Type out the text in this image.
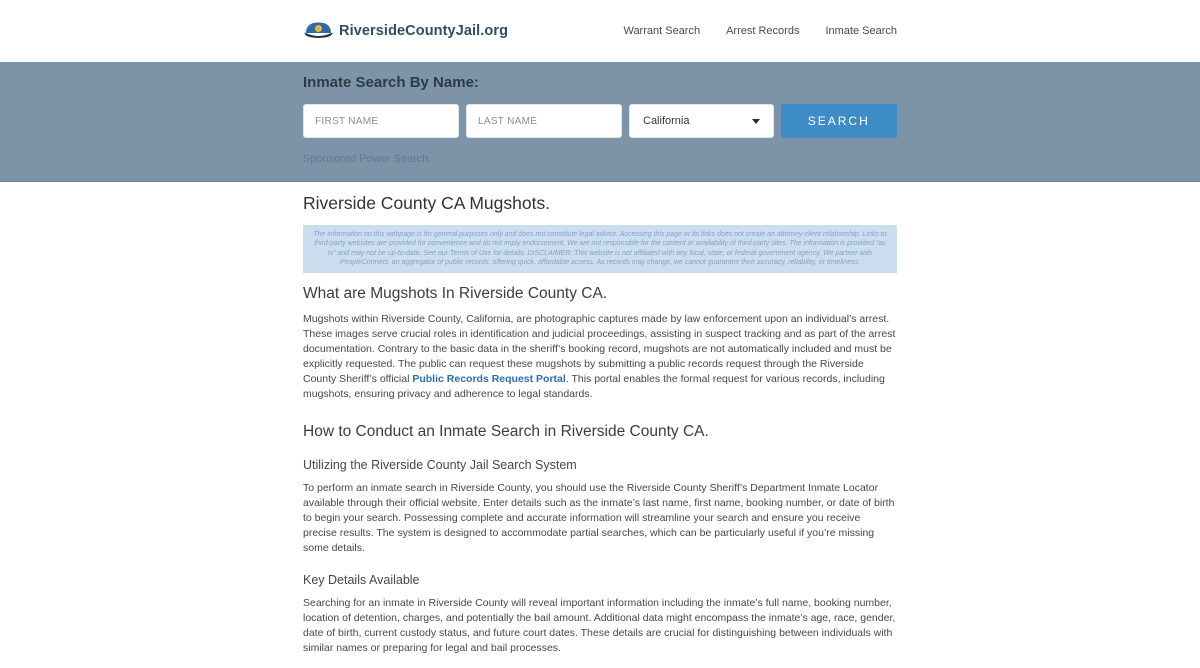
RiversideCountyJail.org	Warrant Search Arrest Records Inmate Search
Inmate Search By Name:
FIRST NAME
LAST NAME
California	SEARCH
Sponsored Power Search.
Riverside County CA Mugshots.
The information on this webpage is for general purposes only and does not constitute legal advice. Accessing this page or its links does not create an attorney-client relationship. Links to third-party websites are provided for convenience and do not imply endorsement. We are not responsible for the content or availability of third-party sites. The information is provided "as is" and may not be up-to-date. See our Terms of Use for details. DISCLAIMER: This website is not affiliated with any local, state, or federal government agency. We partner with PeopleConnect, an aggregator of public records, offering quick, affordable access. As records may change, we cannot guarantee their accuracy, reliability, or timeliness.
What are Mugshots In Riverside County CA.

Mugshots within Riverside County, California, are photographic captures made by law enforcement upon an individual’s arrest. These images serve crucial roles in identification and judicial proceedings, assisting in suspect tracking and as part of the arrest documentation. Contrary to the basic data in the sheriff’s booking record, mugshots are not automatically included and must be explicitly requested. The public can request these mugshots by submitting a public records request through the Riverside County Sheriff’s official Public Records Request Portal. This portal enables the formal request for various records, including mugshots, ensuring privacy and adherence to legal standards.

How to Conduct an Inmate Search in Riverside County CA.
Utilizing the Riverside County Jail Search System

To perform an inmate search in Riverside County, you should use the Riverside County Sheriff’s Department Inmate Locator available through their official website. Enter details such as the inmate’s last name, first name, booking number, or date of birth to begin your search. Possessing complete and accurate information will streamline your search and ensure you receive precise results. The system is designed to accommodate partial searches, which can be particularly useful if you’re missing some details.

Key Details Available

Searching for an inmate in Riverside County will reveal important information including the inmate’s full name, booking number, location of detention, charges, and potentially the bail amount. Additional data might encompass the inmate’s age, race, gender, date of birth, current custody status, and future court dates. These details are crucial for distinguishing between individuals with similar names or preparing for legal and bail processes.
